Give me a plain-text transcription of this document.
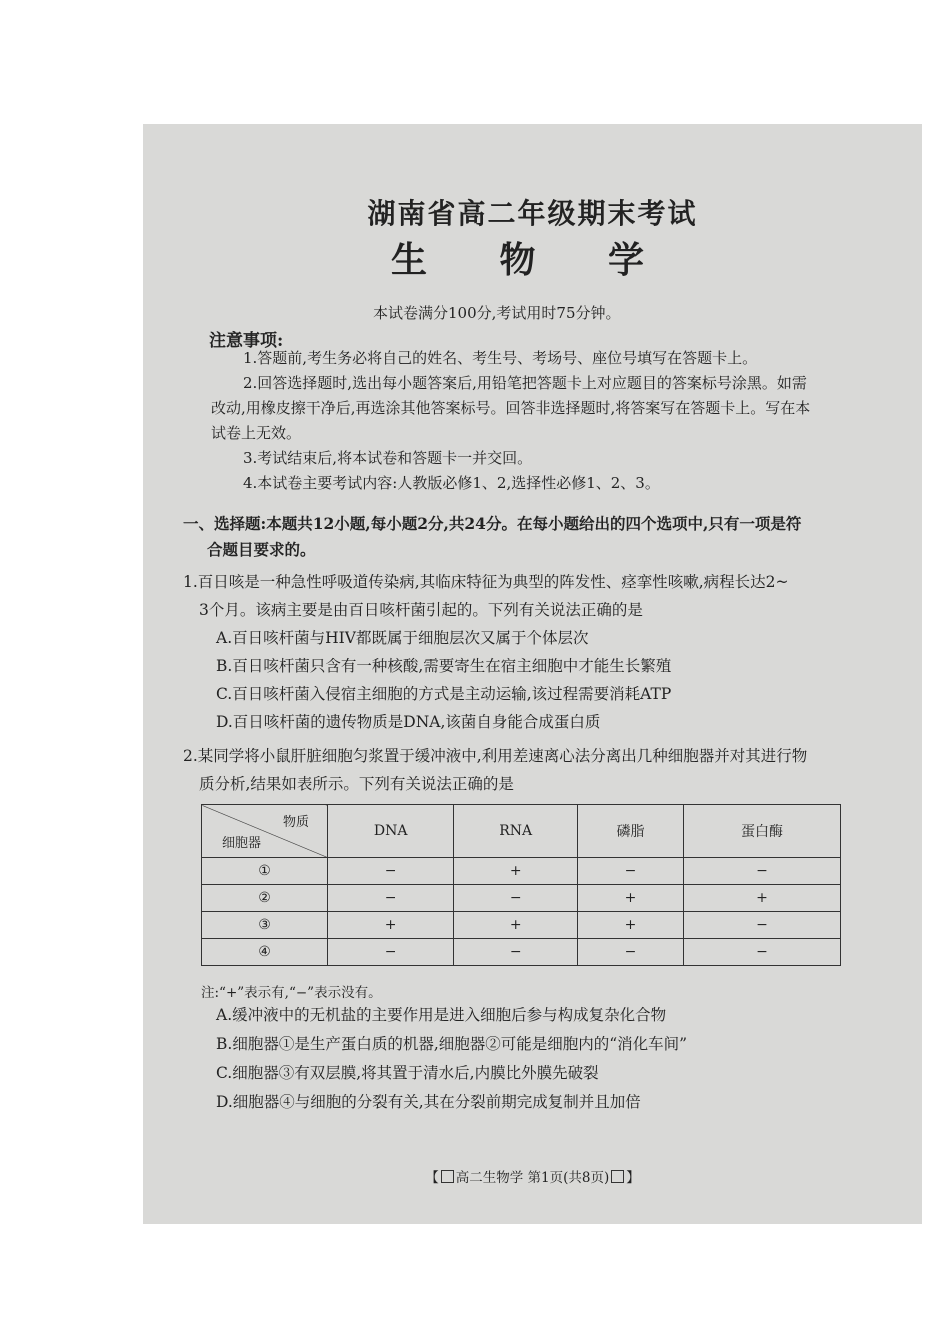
湖南省高二年级期末考试
生 物 学
本试卷满分100分,考试用时75分钟。
注意事项:

1.答题前,考生务必将自己的姓名、考生号、考场号、座位号填写在答题卡上。

2.回答选择题时,选出每小题答案后,用铅笔把答题卡上对应题目的答案标号涂黑。如需改动,用橡皮擦干净后,再选涂其他答案标号。回答非选择题时,将答案写在答题卡上。写在本试卷上无效。

3.考试结束后,将本试卷和答题卡一并交回。

4.本试卷主要考试内容:人教版必修1、2,选择性必修1、2、3。

一、选择题:本题共12小题,每小题2分,共24分。在每小题给出的四个选项中,只有一项是符
合题目要求的。
1.百日咳是一种急性呼吸道传染病,其临床特征为典型的阵发性、痉挛性咳嗽,病程长达2~
3个月。该病主要是由百日咳杆菌引起的。下列有关说法正确的是
A.百日咳杆菌与HIV都既属于细胞层次又属于个体层次
B.百日咳杆菌只含有一种核酸,需要寄生在宿主细胞中才能生长繁殖
C.百日咳杆菌入侵宿主细胞的方式是主动运输,该过程需要消耗ATP
D.百日咳杆菌的遗传物质是DNA,该菌自身能合成蛋白质
2.某同学将小鼠肝脏细胞匀浆置于缓冲液中,利用差速离心法分离出几种细胞器并对其进行物
质分析,结果如表所示。下列有关说法正确的是
物质
细胞器	DNA	RNA	磷脂	蛋白酶
①	−	+	−	−
②	−	−	+	+
③	+	+	+	−
④	−	−	−	−
注:“+”表示有,“−”表示没有。
A.缓冲液中的无机盐的主要作用是进入细胞后参与构成复杂化合物
B.细胞器①是生产蛋白质的机器,细胞器②可能是细胞内的“消化车间”
C.细胞器③有双层膜,将其置于清水后,内膜比外膜先破裂
D.细胞器④与细胞的分裂有关,其在分裂前期完成复制并且加倍
【 高二生物学 第1页(共8页) 】
